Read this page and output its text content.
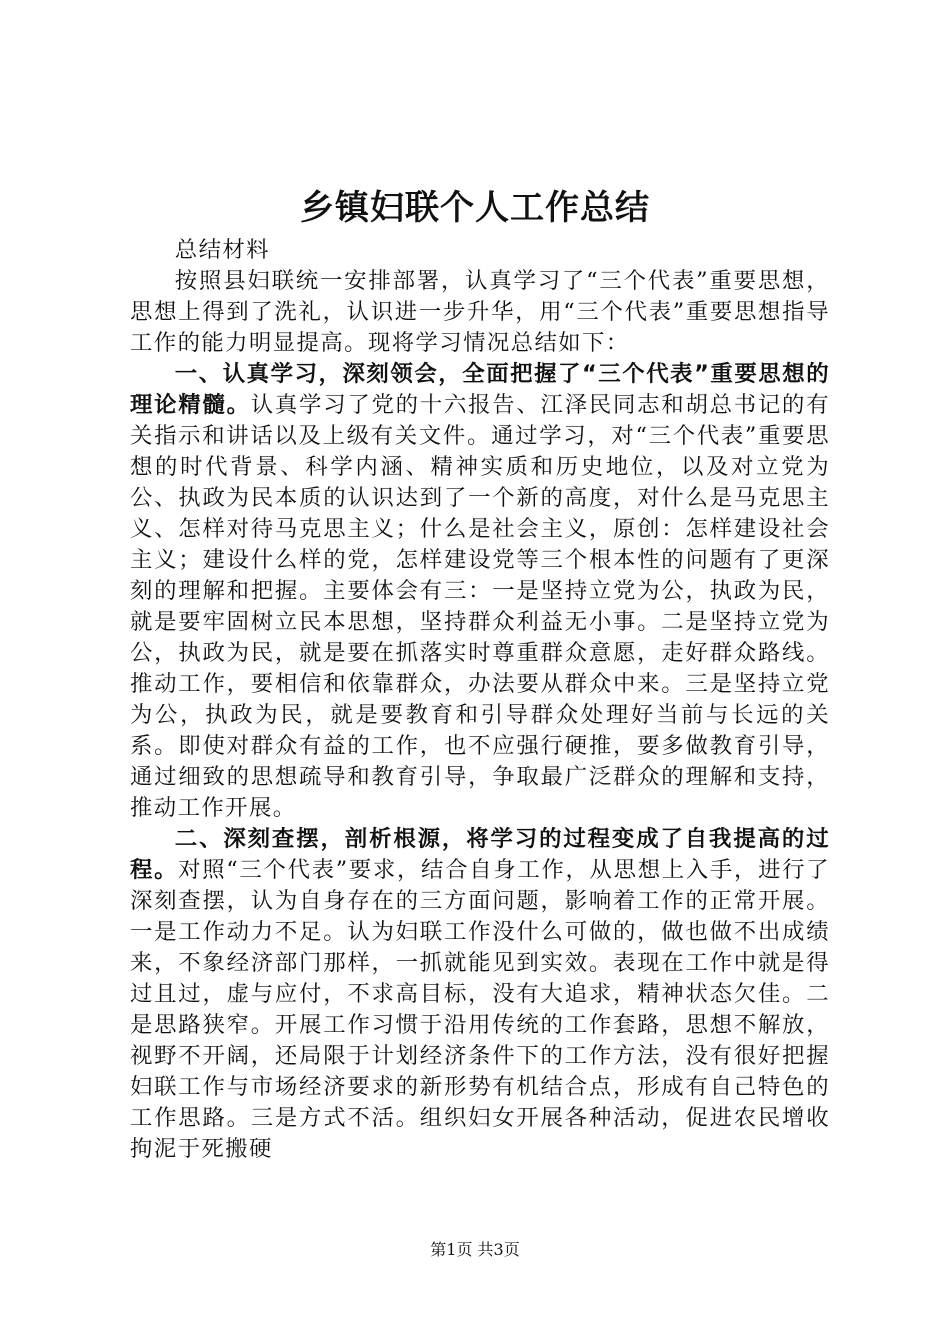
乡镇妇联个人工作总结

总结材料

按照县妇联统一安排部署，认真学习了“三个代表”重要思想，思想上得到了洗礼，认识进一步升华，用“三个代表”重要思想指导工作的能力明显提高。现将学习情况总结如下：

一、认真学习，深刻领会，全面把握了“三个代表”重要思想的理论精髓。认真学习了党的十六报告、江泽民同志和胡总书记的有关指示和讲话以及上级有关文件。通过学习，对“三个代表”重要思想的时代背景、科学内涵、精神实质和历史地位，以及对立党为公、执政为民本质的认识达到了一个新的高度，对什么是马克思主义、怎样对待马克思主义；什么是社会主义，原创：怎样建设社会主义；建设什么样的党，怎样建设党等三个根本性的问题有了更深刻的理解和把握。主要体会有三：一是坚持立党为公，执政为民，就是要牢固树立民本思想，坚持群众利益无小事。二是坚持立党为公，执政为民，就是要在抓落实时尊重群众意愿，走好群众路线。推动工作，要相信和依靠群众，办法要从群众中来。三是坚持立党为公，执政为民，就是要教育和引导群众处理好当前与长远的关系。即使对群众有益的工作，也不应强行硬推，要多做教育引导，通过细致的思想疏导和教育引导，争取最广泛群众的理解和支持，推动工作开展。

二、深刻查摆，剖析根源，将学习的过程变成了自我提高的过程。对照“三个代表”要求，结合自身工作，从思想上入手，进行了深刻查摆，认为自身存在的三方面问题，影响着工作的正常开展。一是工作动力不足。认为妇联工作没什么可做的，做也做不出成绩来，不象经济部门那样，一抓就能见到实效。表现在工作中就是得过且过，虚与应付，不求高目标，没有大追求，精神状态欠佳。二是思路狭窄。开展工作习惯于沿用传统的工作套路，思想不解放，视野不开阔，还局限于计划经济条件下的工作方法，没有很好把握妇联工作与市场经济要求的新形势有机结合点，形成有自己特色的工作思路。三是方式不活。组织妇女开展各种活动，促进农民增收拘泥于死搬硬

第1页 共3页
